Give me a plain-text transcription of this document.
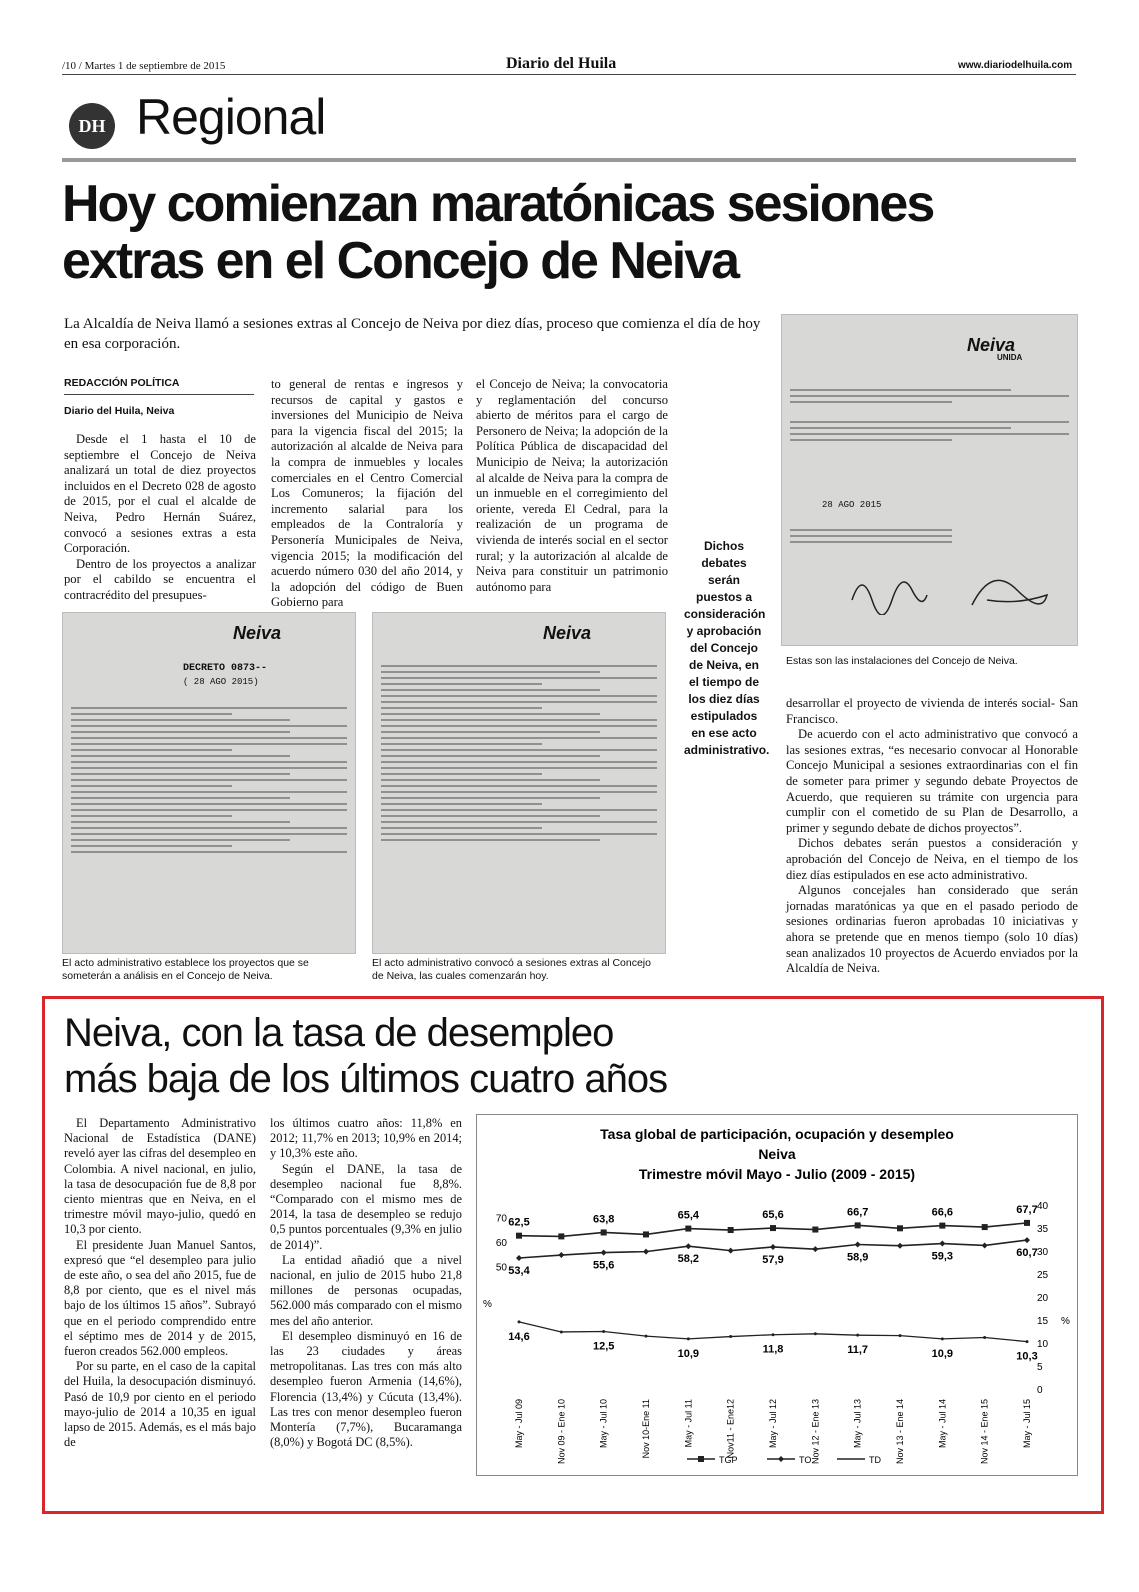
/10 / Martes 1 de septiembre de 2015	Diario del Huila	www.diariodelhuila.com
DH Regional
Hoy comienzan maratónicas sesiones
extras en el Concejo de Neiva
La Alcaldía de Neiva llamó a sesiones extras al Concejo de Neiva por diez días, proceso que comienza el día de hoy en esa corporación.
REDACCIÓN POLÍTICA
Diario del Huila, Neiva

Desde el 1 hasta el 10 de septiembre el Concejo de Neiva analizará un total de diez proyectos incluidos en el Decreto 028 de agosto de 2015, por el cual el alcalde de Neiva, Pedro Hernán Suárez, convocó a sesiones extras a esta Corporación.

Dentro de los proyectos a analizar por el cabildo se encuentra el contracrédito del presupues-

to general de rentas e ingresos y recursos de capital y gastos e inversiones del Municipio de Neiva para la vigencia fiscal del 2015; la autorización al alcalde de Neiva para la compra de inmuebles y locales comerciales en el Centro Comercial Los Comuneros; la fijación del incremento salarial para los empleados de la Contraloría y Personería Municipales de Neiva, vigencia 2015; la modificación del acuerdo número 030 del año 2014, y la adopción del código de Buen Gobierno para

el Concejo de Neiva; la convocatoria y reglamentación del concurso abierto de méritos para el cargo de Personero de Neiva; la adopción de la Política Pública de discapacidad del Municipio de Neiva; la autorización al alcalde de Neiva para la compra de un inmueble en el corregimiento del oriente, vereda El Cedral, para la realización de un programa de vivienda de interés social en el sector rural; y la autorización al alcalde de Neiva para constituir un patrimonio autónomo para

Dichos debates serán puestos a consideración y aprobación del Concejo de Neiva, en el tiempo de los diez días estipulados en ese acto administrativo.
Neiva
UNIDA
28 AGO 2015
Estas son las instalaciones del Concejo de Neiva.
Neiva
DECRETO 0873--
( 28 AGO 2015)
El acto administrativo establece los proyectos que se someterán a análisis en el Concejo de Neiva.
Neiva
El acto administrativo convocó a sesiones extras al Concejo de Neiva, las cuales comenzarán hoy.

desarrollar el proyecto de vivienda de interés social- San Francisco.

De acuerdo con el acto administrativo que convocó a las sesiones extras, “es necesario convocar al Honorable Concejo Municipal a sesiones extraordinarias con el fin de someter para primer y segundo debate Proyectos de Acuerdo, que requieren su trámite con urgencia para cumplir con el cometido de su Plan de Desarrollo, a primer y segundo debate de dichos proyectos”.

Dichos debates serán puestos a consideración y aprobación del Concejo de Neiva, en el tiempo de los diez días estipulados en ese acto administrativo.

Algunos concejales han considerado que serán jornadas maratónicas ya que en el pasado periodo de sesiones ordinarias fueron aprobadas 10 iniciativas y ahora se pretende que en menos tiempo (solo 10 días) sean analizados 10 proyectos de Acuerdo enviados por la Alcaldía de Neiva.

Neiva, con la tasa de desempleo
más baja de los últimos cuatro años

El Departamento Administrativo Nacional de Estadística (DANE) reveló ayer las cifras del desempleo en Colombia. A nivel nacional, en julio, la tasa de desocupación fue de 8,8 por ciento mientras que en Neiva, en el trimestre móvil mayo-julio, quedó en 10,3 por ciento.

El presidente Juan Manuel Santos, expresó que “el desempleo para julio de este año, o sea del año 2015, fue de 8,8 por ciento, que es el nivel más bajo de los últimos 15 años”. Subrayó que en el periodo comprendido entre el séptimo mes de 2014 y de 2015, fueron creados 562.000 empleos.

Por su parte, en el caso de la capital del Huila, la desocupación disminuyó. Pasó de 10,9 por ciento en el periodo mayo-julio de 2014 a 10,35 en igual lapso de 2015. Además, es el más bajo de

los últimos cuatro años: 11,8% en 2012; 11,7% en 2013; 10,9% en 2014; y 10,3% este año.

Según el DANE, la tasa de desempleo nacional fue 8,8%. “Comparado con el mismo mes de 2014, la tasa de desempleo se redujo 0,5 puntos porcentuales (9,3% en julio de 2014)”.

La entidad añadió que a nivel nacional, en julio de 2015 hubo 21,8 millones de personas ocupadas, 562.000 más comparado con el mismo mes del año anterior.

El desempleo disminuyó en 16 de las 23 ciudades y áreas metropolitanas. Las tres con más alto desempleo fueron Armenia (14,6%), Florencia (13,4%) y Cúcuta (13,4%). Las tres con menor desempleo fueron Montería (7,7%), Bucaramanga (8,0%) y Bogotá DC (8,5%).

Tasa global de participación, ocupación y desempleo
Neiva
Trimestre móvil Mayo - Julio (2009 - 2015)
70
60
50
%
40
35
30
25
20
15
10
5
0
%
62,5	63,8	65,4	65,6	66,7	66,6	67,7
53,4	55,6
58,2	57,9	58,9	59,3	60,7
14,6
12,5
10,9	11,8	11,7	10,9	10,3
May - Jul 09	Nov 09 - Ene 10	May - Jul 10	Nov 10-Ene 11	May - Jul 11	Nov11 - Ene12	May - Jul 12	Nov 12 - Ene 13	May - Jul 13	Nov 13 - Ene 14	May - Jul 14	Nov 14 - Ene 15	May - Jul 15
TGP	TO	TD
